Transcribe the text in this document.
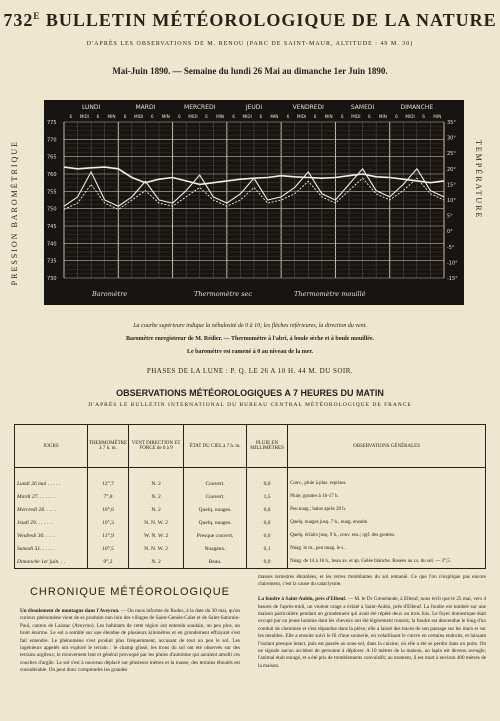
$732^E$ BULLETIN MÉTÉOROLOGIQUE DE LA NATURE
D'APRÈS LES OBSERVATIONS DE M. RENOU (PARC DE SAINT-MAUR, ALTITUDE : 49 M. 30)
Mai-Juin 1890. — Semaine du lundi 26 Mai au dimanche 1er Juin 1890.
PRESSION BAROMÉTRIQUE	TEMPÉRATURE
LUNDI
6 MIDI 6 MIN
MARDI
6 MIDI 6 MIN
MERCREDI
6 MIDI 6 MIN
JEUDI
6 MIDI 6 MIN
VENDREDI
6 MIDI 6 MIN
SAMEDI
6 MIDI 6 MIN
DIMANCHE
6 MIDI 6 MIN
775
770
765
760
755
750
745
740
735
730
35°
30°
25°
20°
15°
10°
5°
0°
-5°
-10°
-15°
Baromètre	Thermomètre sec	Thermomètre mouillé
La courbe supérieure indique la nébulosité de 0 à 10; les flèches inférieures, la direction du vent.
Baromètre enregistreur de M. Rédier. — Thermomètre à l'abri, à boule sèche et à boule mouillée.
Le baromètre est ramené à 0 au niveau de la mer.
PHASES DE LA LUNE : P. Q. LE 26 A 10 H. 44 M. DU SOIR.
OBSERVATIONS MÉTÉOROLOGIQUES A 7 HEURES DU MATIN
D'APRÈS LE BULLETIN INTERNATIONAL DU BUREAU CENTRAL MÉTÉOROLOGIQUE DE FRANCE
JOURS	THERMOMÈTRE à 7 h. m.	VENT DIRECTION ET FORCE de 0 à 9	ÉTAT DU CIEL à 7 h. m.	PLUIE EN MILLIMÈTRES	OBSERVATIONS GÉNÉRALES
Lundi 26 mai . . . . .	12°,7	N. 2	Couvert.	0,0	Couv., pluie à plus. reprises.
Mardi 27. . . . . . .	7°,8	N. 2	Couvert.	1,5	Pluie; gouttes à 16-17 h.
Mercredi 28. . . . .	10°,6	N. 2	Quelq. nuages.	0,0	Peu nuag.; halos après 20 h.
Jeudi 29. . . . . . .	10°,3	N. N. W. 2	Quelq. nuages.	0,0	Quelq. nuages jusq. 7 h., nuag. ensuite.
Vendredi 30. . . . .	11°,9	W. N. W. 2	Presque couvert.	0,0	Quelq. éclairs jusq. 9 h., couv. ens.; qqf. des gouttes.
Samedi 31. . . . . .	10°,5	N. N. W. 2	Nuageux.	0,1	Nuag. le m., peu nuag. le s.
Dimanche 1er juin. . .	9°,2	N. 2	Beau.	0,0	Nuag. de 14 à 16 h., beau av. et ap. Gelée blanche. Rosées au r.s. du sol. — 3°,5.
CHRONIQUE MÉTÉOROLOGIQUE
Un éboulement de montagne dans l'Aveyron. — On nous informe de Rodez, à la date du 30 mai, qu'un curieux phénomène vient de se produire non loin des villages de Saint-Geniès-Colet et de Saint-Saturnin-Paul, canton de Laissac (Aveyron). Les habitants de cette région ont entendu soudain, un peu plus, un bruit énorme. Le sol a semblé sur une étendue de plusieurs kilomètres et en grondement effrayant s'est fait entendre. Le phénomène s'est produit plus fréquemment, accusant de tout un peu le sol. Les ingénieurs appelés ont exploré le terrain : le champ glissé, les trous du sol ont été observés sur des terrains argileux; le mouvement lent et général provoqué par les pluies d'automne qui auraient amolli ces couches d'argile. Le sol s'est à nouveau déplacé sur plusieurs mètres et la masse, des terrains éboulés est considérable. On peut donc comprendre les grandes
masses terrestres ébranlées, et les terres tremblantes du sol remanié. Ce que l'on n'explique pas encore clairement, c'est la cause du cataclysme.

La foudre à Saint-Aubin, près d'Elbeuf. — M. le Dr Grenelande, à Elbeuf, nous écrit que le 25 mai, vers 4 heures de l'après-midi, un violent orage a éclaté à Saint-Aubin, près d'Elbeuf. La foudre est tombée sur une maison particulière pendant un grondement qui avait été répété deux ou trois fois. Le foyer domestique était occupé par un jeune homme dont les cheveux ont été légèrement roussis; la foudre est descendue le long d'un conduit de cheminée et s'est répandue dans la pièce; elle a laissé des traces de son passage sur les murs et sur les meubles. Elle a ensuite suivi le fil d'une sonnerie, en volatilisant le cuivre en certains endroits, et laissant l'isolant presque intact, puis est passée au sous-sol, dans la cuisine, où elle a été se perdre dans un puits. On ne signale aucun accident de personne à déplorer. A 10 mètres de la maison, un lapin est devenu aveugle; l'animal était enragé, et a été pris de tremblements convulsifs; au moment, il est mort à environ 400 mètres de la maison.
